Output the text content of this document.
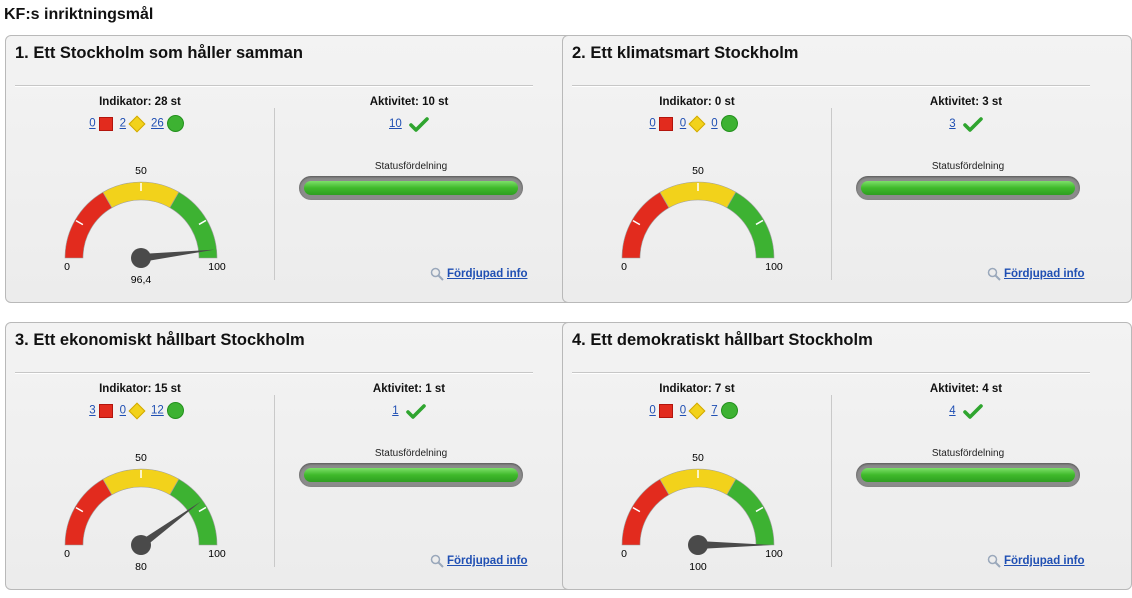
KF:s inriktningsmål
1. Ett Stockholm som håller samman
Indikator: 28 st
0 2 26
0
50
100
96,4
Aktivitet: 10 st
10
Statusfördelning
Fördjupad info
2. Ett klimatsmart Stockholm
Indikator: 0 st
0 0 0
0
50
100
Aktivitet: 3 st
3
Statusfördelning
Fördjupad info
3. Ett ekonomiskt hållbart Stockholm
Indikator: 15 st
3 0 12
0
50
100
80
Aktivitet: 1 st
1
Statusfördelning
Fördjupad info
4. Ett demokratiskt hållbart Stockholm
Indikator: 7 st
0 0 7
0
50
100
100
Aktivitet: 4 st
4
Statusfördelning
Fördjupad info
